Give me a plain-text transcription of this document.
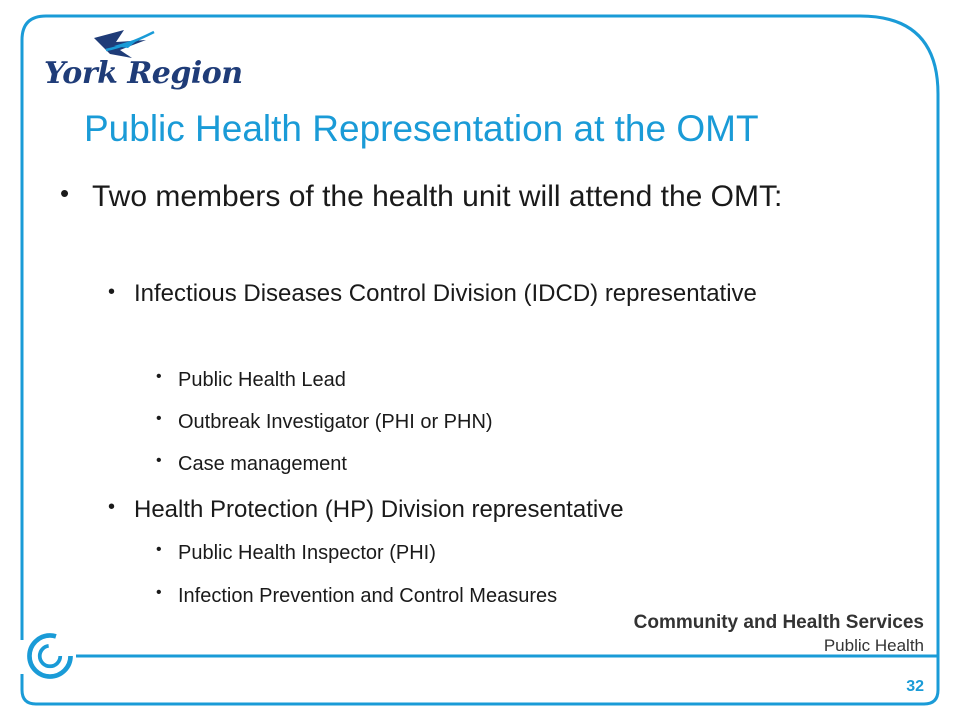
York Region
Public Health Representation at the OMT
• Two members of the health unit will attend the OMT:
• Infectious Diseases Control Division (IDCD) representative
• Public Health Lead
• Outbreak Investigator (PHI or PHN)
• Case management
• Health Protection (HP) Division representative
• Public Health Inspector (PHI)
• Infection Prevention and Control Measures
Community and Health Services
Public Health
32
